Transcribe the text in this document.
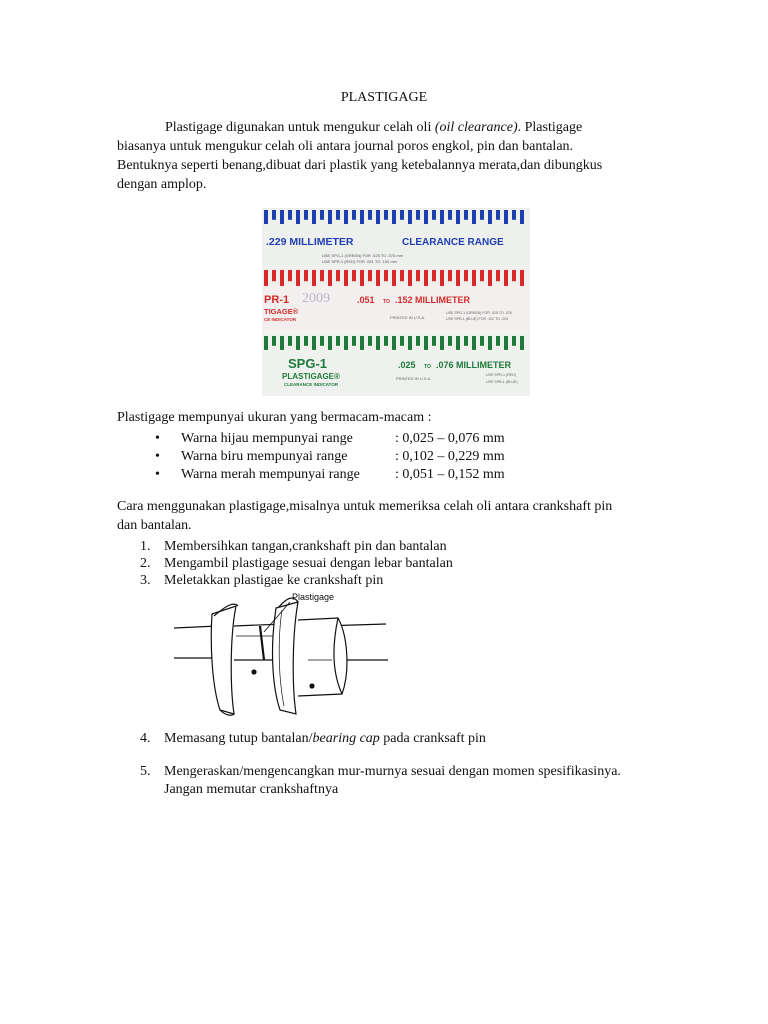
PLASTIGAGE
Plastigage digunakan untuk mengukur celah oli (oil clearance). Plastigage
biasanya untuk mengukur celah oli antara journal poros engkol, pin dan bantalan.
Bentuknya seperti benang,dibuat dari plastik yang ketebalannya merata,dan dibungkus
dengan amplop.
.229 MILLIMETER	CLEARANCE RANGE
USE SPG-1 (GREEN) FOR .025 TO .076 mm
USE SPR-1 (RED) FOR .051 TO .152 mm
PR-1
TIGAGE®
CE INDICATOR
2009	.051 TO .152 MILLIMETER
PRINTED IN U.S.A.
USE SPG-1 (GREEN) FOR .025 TO .076
USE SPB-1 (BLUE) FOR .102 TO .229
SPG-1
PLASTIGAGE®
CLEARANCE INDICATOR
.025 TO .076 MILLIMETER
PRINTED IN U.S.A.
USE SPR-1 (RED)
USE SPB-1 (BLUE)
Plastigage mempunyai ukuran yang bermacam-macam :
• Warna hijau mempunyai range	: 0,025 – 0,076 mm
• Warna biru mempunyai range	: 0,102 – 0,229 mm
• Warna merah mempunyai range	: 0,051 – 0,152 mm
Cara menggunakan plastigage,misalnya untuk memeriksa celah oli antara crankshaft pin
dan bantalan.
1. Membersihkan tangan,crankshaft pin dan bantalan
2. Mengambil plastigage sesuai dengan lebar bantalan
3. Meletakkan plastigae ke crankshaft pin
Plastigage
4. Memasang tutup bantalan/bearing cap pada cranksaft pin
5. Mengeraskan/mengencangkan mur-murnya sesuai dengan momen spesifikasinya.
Jangan memutar crankshaftnya
